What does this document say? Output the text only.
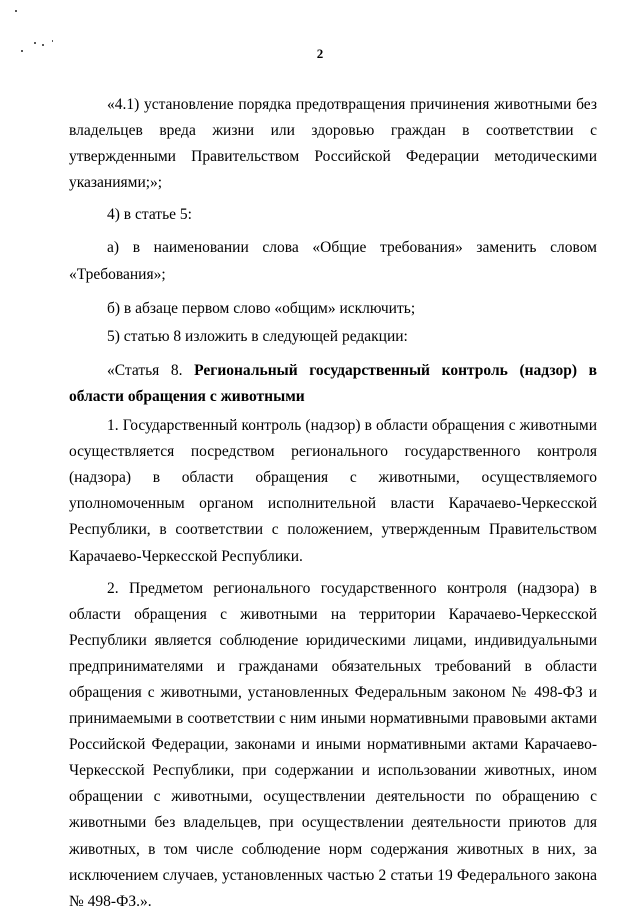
2

«4.1) установление порядка предотвращения причинения животными без владельцев вреда жизни или здоровью граждан в соответствии с утвержденными Правительством Российской Федерации методическими указаниями;»;

4) в статье 5:

а) в наименовании слова «Общие требования» заменить словом «Требования»;

б) в абзаце первом слово «общим» исключить;

5) статью 8 изложить в следующей редакции:

«Статья 8. Региональный государственный контроль (надзор) в области обращения с животными

1. Государственный контроль (надзор) в области обращения с животными осуществляется посредством регионального государственного контроля (надзора) в области обращения с животными, осуществляемого уполномоченным органом исполнительной власти Карачаево-Черкесской Республики, в соответствии с положением, утвержденным Правительством Карачаево-Черкесской Республики.

2. Предметом регионального государственного контроля (надзора) в области обращения с животными на территории Карачаево-Черкесской Республики является соблюдение юридическими лицами, индивидуальными предпринимателями и гражданами обязательных требований в области обращения с животными, установленных Федеральным законом № 498-ФЗ и принимаемыми в соответствии с ним иными нормативными правовыми актами Российской Федерации, законами и иными нормативными актами Карачаево-Черкесской Республики, при содержании и использовании животных, ином обращении с животными, осуществлении деятельности по обращению с животными без владельцев, при осуществлении деятельности приютов для животных, в том числе соблюдение норм содержания животных в них, за исключением случаев, установленных частью 2 статьи 19 Федерального закона № 498-ФЗ.».
